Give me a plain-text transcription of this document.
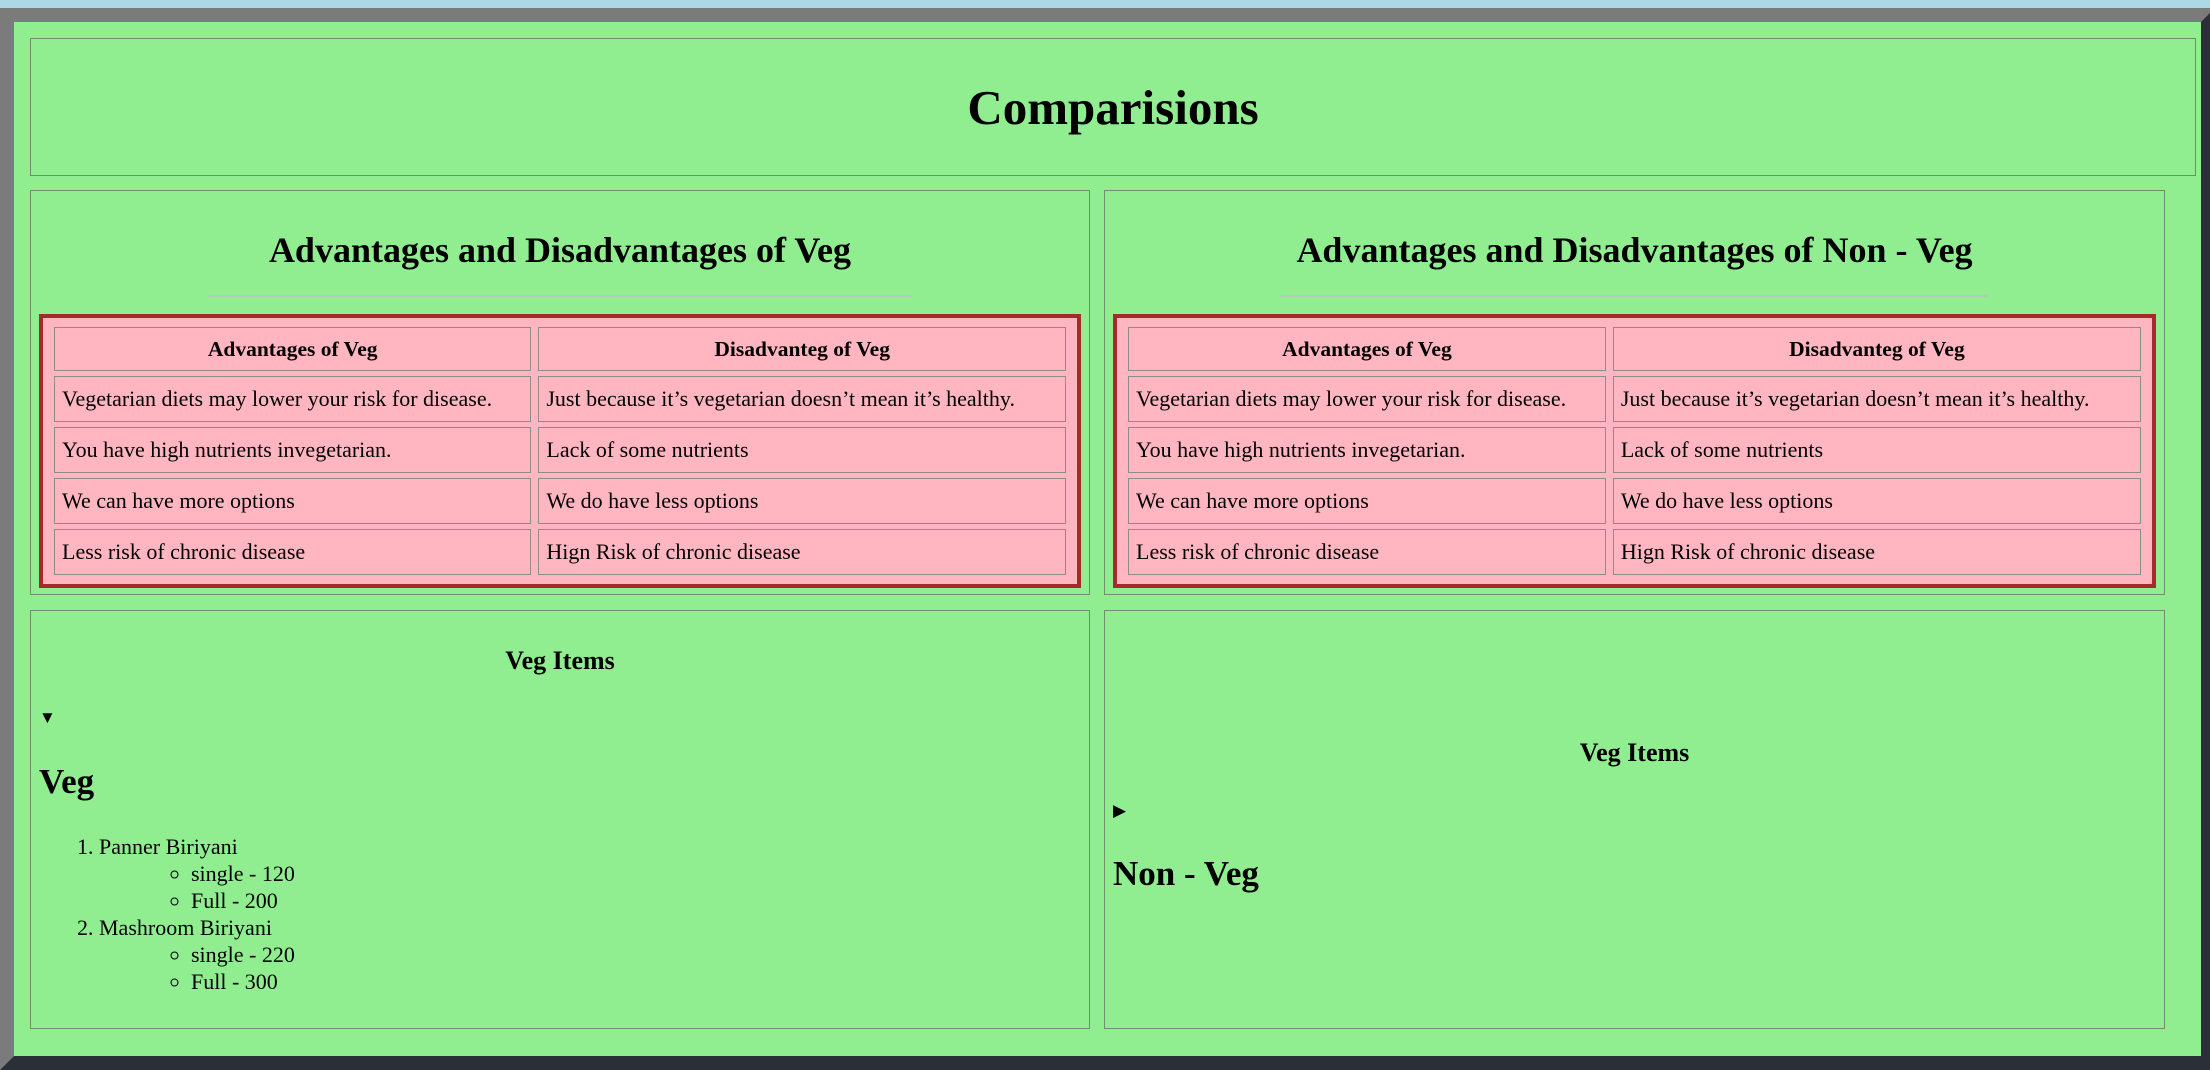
Comparisions
Advantages and Disadvantages of Veg
Advantages of Veg	Disadvanteg of Veg
Vegetarian diets may lower your risk for disease.	Just because it’s vegetarian doesn’t mean it’s healthy.
You have high nutrients invegetarian.	Lack of some nutrients
We can have more options	We do have less options
Less risk of chronic disease	Hign Risk of chronic disease
Advantages and Disadvantages of Non - Veg
Advantages of Veg	Disadvanteg of Veg
Vegetarian diets may lower your risk for disease.	Just because it’s vegetarian doesn’t mean it’s healthy.
You have high nutrients invegetarian.	Lack of some nutrients
We can have more options	We do have less options
Less risk of chronic disease	Hign Risk of chronic disease
Veg Items
▼
Veg
1. Panner Biriyani
◦ single - 120
◦ Full - 200
2. Mashroom Biriyani
◦ single - 220
◦ Full - 300
Veg Items
▶
Non - Veg
